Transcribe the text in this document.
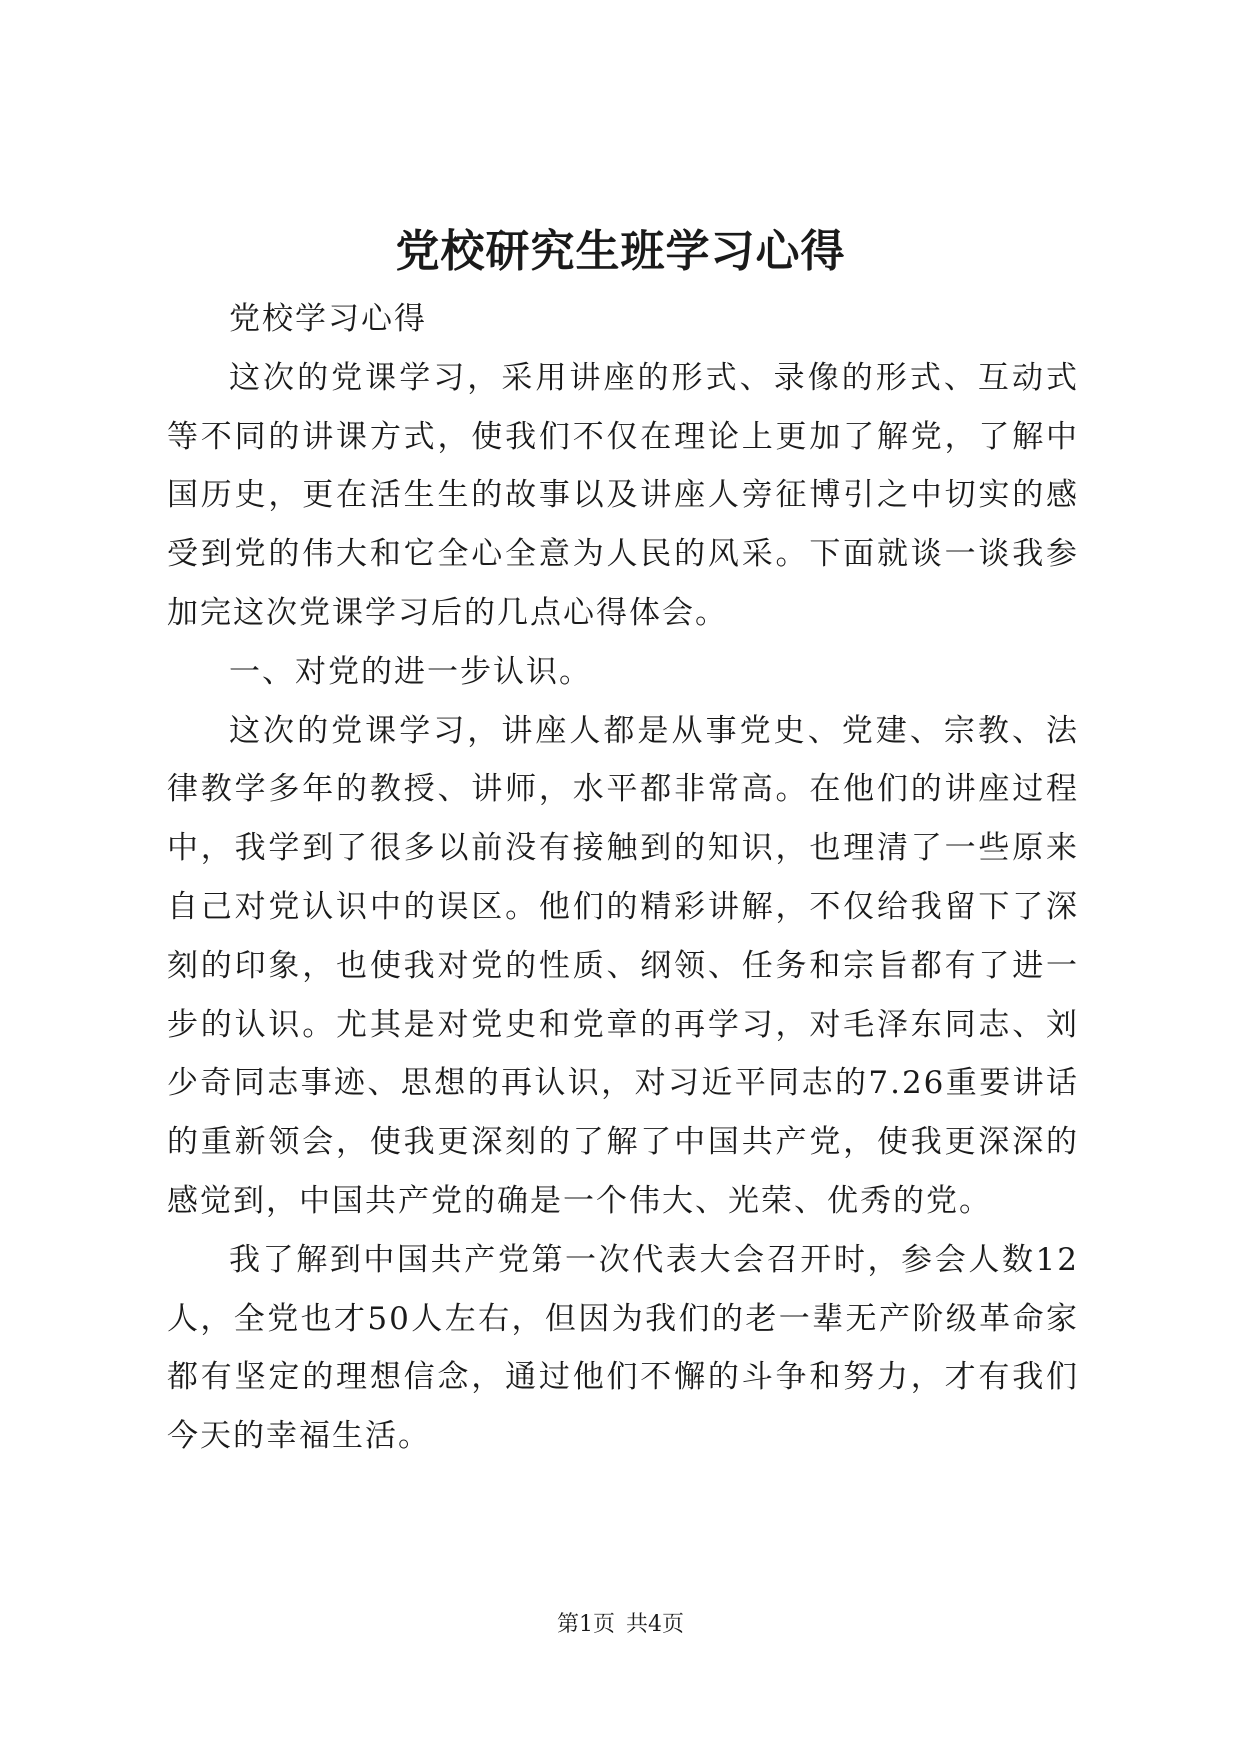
党校研究生班学习心得

党校学习心得

这次的党课学习，采用讲座的形式、录像的形式、互动式等不同的讲课方式，使我们不仅在理论上更加了解党，了解中国历史，更在活生生的故事以及讲座人旁征博引之中切实的感受到党的伟大和它全心全意为人民的风采。下面就谈一谈我参加完这次党课学习后的几点心得体会。

一、对党的进一步认识。

这次的党课学习，讲座人都是从事党史、党建、宗教、法律教学多年的教授、讲师，水平都非常高。在他们的讲座过程中，我学到了很多以前没有接触到的知识，也理清了一些原来自己对党认识中的误区。他们的精彩讲解，不仅给我留下了深刻的印象，也使我对党的性质、纲领、任务和宗旨都有了进一步的认识。尤其是对党史和党章的再学习，对毛泽东同志、刘少奇同志事迹、思想的再认识，对习近平同志的7.26重要讲话的重新领会，使我更深刻的了解了中国共产党，使我更深深的感觉到，中国共产党的确是一个伟大、光荣、优秀的党。

我了解到中国共产党第一次代表大会召开时，参会人数12人，全党也才50人左右，但因为我们的老一辈无产阶级革命家都有坚定的理想信念，通过他们不懈的斗争和努力，才有我们今天的幸福生活。

第1页 共4页
